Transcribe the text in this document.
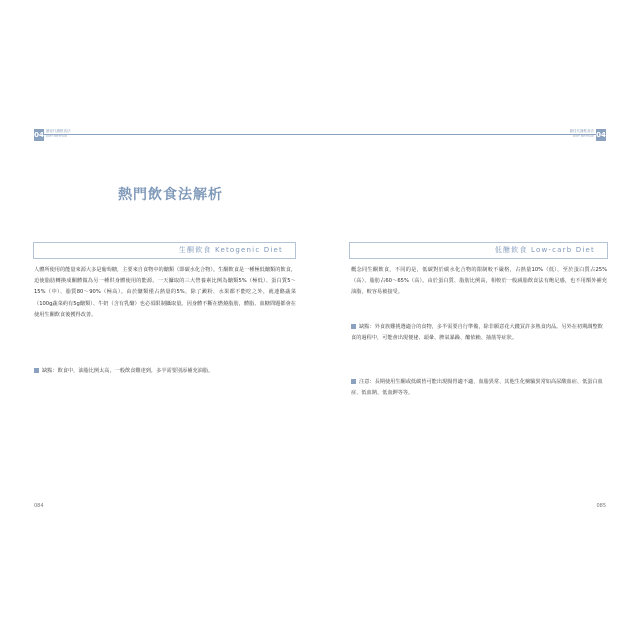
04 最佳代謝飲食法
DIET METHOD	04
最佳代謝飲食法
DIET METHOD
熱門飲食法解析
生酮飲食 Ketogenic Diet
人體所使用的能量來源大多是葡萄糖，主要來自食物中的醣類（即碳水化合物）。生酮飲食是一種極低醣類的飲食，迫使脂肪轉換成酮體做為另一種供身體使用的能源。一天攝取的三大營養素比例為醣類5%（極低）、蛋白質5～15%（中）、脂質80～90%（極高）。由於醣類僅占熱量的5%，除了澱粉、水果都不能吃之外，就連酪蔬菜（100g蔬菜約有5g醣類）、牛奶（含有乳醣）也必須限制攝取量。因身體不斷在燃燒脂肪，體脂、血糖問題都會在使用生酮飲食後獲得改善。
缺點：飲食中，油脂比例太高，一般飲食難達到，多半需要別添補充油脂。
低醣飲食 Low-carb Diet
概念同生酮飲食，不同的是，低碳對於碳水化合物的限制較不嚴格，占熱量10%（低），至於蛋白質占25%（高）、脂肪占60～65%（高）。由於蛋白質、脂肪比例高，相較於一般減脂飲食法有飽足感，也不用額外補充油脂，較容易被接受。
缺點：外食族難挑選適合的食物，多半需要自行準備，除非願意花大錢買許多熟食肉品。另外在初期調整飲食的過程中，可能會出現便祕、頭暈、脾氣暴躁、醣依賴、抽筋等症狀。
注意：長期使用生酮或低碳皆可能出現腸胃適不適、血脂異常、其他生化檢驗異常如高尿酸血症、低蛋白血症、低血鈉、低血鉀等等。
084	085
